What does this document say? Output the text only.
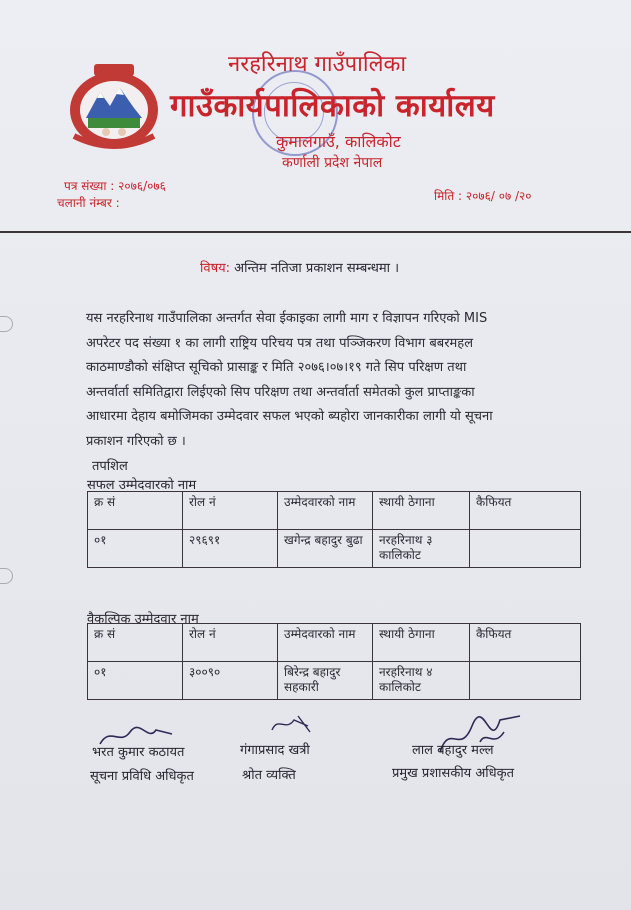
नरहरिनाथ गाउँपालिका
गाउँकार्यपालिकाको कार्यालय
कुमालगाउँ, कालिकोट
कर्णाली प्रदेश नेपाल
पत्र संख्या : २०७६/०७६
चलानी नंम्बर :	मिति : २०७६/ ०७ /२०
विषय: अन्तिम नतिजा प्रकाशन सम्बन्धमा ।
यस नरहरिनाथ गाउँपालिका अन्तर्गत सेवा ईकाइका लागी माग र विज्ञापन गरिएको MIS
अपरेटर पद संख्या १ का लागी राष्ट्रिय परिचय पत्र तथा पञ्जिकरण विभाग बबरमहल
काठमाण्डौको संक्षिप्त सूचिको प्रासाङ्क र मिति २०७६।०७।१९ गते सिप परिक्षण तथा
अन्तर्वार्ता समितिद्वारा लिईएको सिप परिक्षण तथा अन्तर्वार्ता समेतको कुल प्राप्ताङ्कका
आधारमा देहाय बमोजिमका उम्मेदवार सफल भएको ब्यहोरा जानकारीका लागी यो सूचना
प्रकाशन गरिएको छ ।
तपशिल
सफल उम्मेदवारको नाम
क्र सं	रोल नं	उम्मेदवारको नाम	स्थायी ठेगाना	कैफियत
०१	२९६९१	खगेन्द्र बहादुर बुढा	नरहरिनाथ ३ कालिकोट	
वैकल्पिक उम्मेदवार नाम
क्र सं	रोल नं	उम्मेदवारको नाम	स्थायी ठेगाना	कैफियत
०१	३००९०	बिरेन्द्र बहादुर सहकारी	नरहरिनाथ ४ कालिकोट	
भरत कुमार कठायत
सूचना प्रविधि अधिकृत
गंगाप्रसाद खत्री
श्रोत व्यक्ति
लाल बहादुर मल्ल
प्रमुख प्रशासकीय अधिकृत
